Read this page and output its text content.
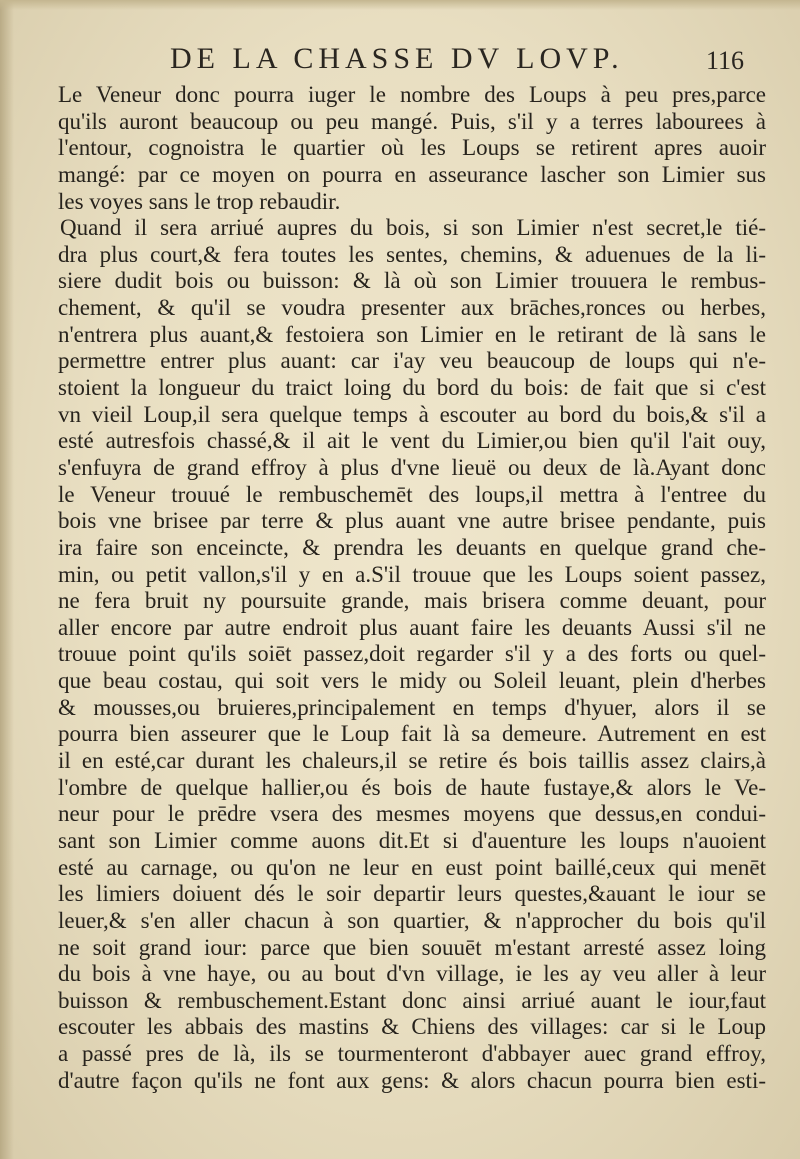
DE LA CHASSE DV LOVP.	116
Le Veneur donc pourra iuger le nombre des Loups à peu pres,parce
qu'ils auront beaucoup ou peu mangé. Puis, s'il y a terres labourees à
l'entour, cognoistra le quartier où les Loups se retirent apres auoir
mangé: par ce moyen on pourra en asseurance lascher son Limier sus
les voyes sans le trop rebaudir.
Quand il sera arriué aupres du bois, si son Limier n'est secret,le tié-
dra plus court,& fera toutes les sentes, chemins, & aduenues de la li-
siere dudit bois ou buisson: & là où son Limier trouuera le rembus-
chement, & qu'il se voudra presenter aux brāches,ronces ou herbes,
n'entrera plus auant,& festoiera son Limier en le retirant de là sans le
permettre entrer plus auant: car i'ay veu beaucoup de loups qui n'e-
stoient la longueur du traict loing du bord du bois: de fait que si c'est
vn vieil Loup,il sera quelque temps à escouter au bord du bois,& s'il a
esté autresfois chassé,& il ait le vent du Limier,ou bien qu'il l'ait ouy,
s'enfuyra de grand effroy à plus d'vne lieuë ou deux de là.Ayant donc
le Veneur trouué le rembuschemēt des loups,il mettra à l'entree du
bois vne brisee par terre & plus auant vne autre brisee pendante, puis
ira faire son enceincte, & prendra les deuants en quelque grand che-
min, ou petit vallon,s'il y en a.S'il trouue que les Loups soient passez,
ne fera bruit ny poursuite grande, mais brisera comme deuant, pour
aller encore par autre endroit plus auant faire les deuants Aussi s'il ne
trouue point qu'ils soiēt passez,doit regarder s'il y a des forts ou quel-
que beau costau, qui soit vers le midy ou Soleil leuant, plein d'herbes
& mousses,ou bruieres,principalement en temps d'hyuer, alors il se
pourra bien asseurer que le Loup fait là sa demeure. Autrement en est
il en esté,car durant les chaleurs,il se retire és bois taillis assez clairs,à
l'ombre de quelque hallier,ou és bois de haute fustaye,& alors le Ve-
neur pour le prēdre vsera des mesmes moyens que dessus,en condui-
sant son Limier comme auons dit.Et si d'auenture les loups n'auoient
esté au carnage, ou qu'on ne leur en eust point baillé,ceux qui menēt
les limiers doiuent dés le soir departir leurs questes,&auant le iour se
leuer,& s'en aller chacun à son quartier, & n'approcher du bois qu'il
ne soit grand iour: parce que bien souuēt m'estant arresté assez loing
du bois à vne haye, ou au bout d'vn village, ie les ay veu aller à leur
buisson & rembuschement.Estant donc ainsi arriué auant le iour,faut
escouter les abbais des mastins & Chiens des villages: car si le Loup
a passé pres de là, ils se tourmenteront d'abbayer auec grand effroy,
d'autre façon qu'ils ne font aux gens: & alors chacun pourra bien esti-
